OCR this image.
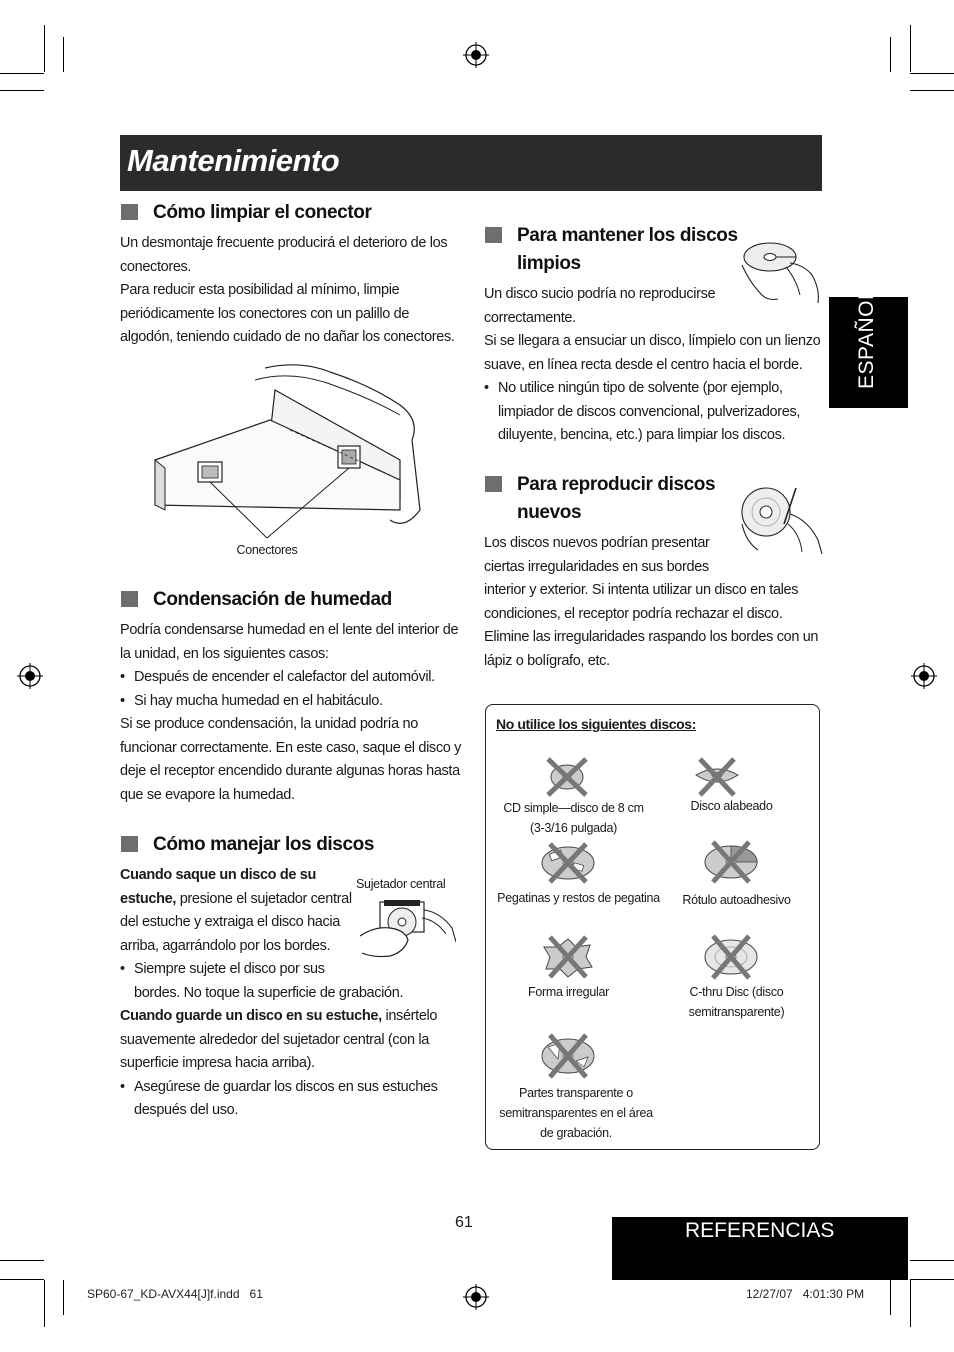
Mantenimiento
ESPAÑOL
Cómo limpiar el conector
Un desmontaje frecuente producirá el deterioro de los
conectores.
Para reducir esta posibilidad al mínimo, limpie
periódicamente los conectores con un palillo de
algodón, teniendo cuidado de no dañar los conectores.
Conectores
Condensación de humedad
Podría condensarse humedad en el lente del interior de
la unidad, en los siguientes casos:
• Después de encender el calefactor del automóvil.
• Si hay mucha humedad en el habitáculo.
Si se produce condensación, la unidad podría no
funcionar correctamente. En este caso, saque el disco y
deje el receptor encendido durante algunas horas hasta
que se evapore la humedad.
Cómo manejar los discos
Sujetador central
Cuando saque un disco de su
estuche, presione el sujetador central
del estuche y extraiga el disco hacia
arriba, agarrándolo por los bordes.
• Siempre sujete el disco por sus
bordes. No toque la superficie de grabación.
Cuando guarde un disco en su estuche, insértelo
suavemente alrededor del sujetador central (con la
superficie impresa hacia arriba).
• Asegúrese de guardar los discos en sus estuches
después del uso.
Para mantener los discos
limpios
Un disco sucio podría no reproducirse
correctamente.
Si se llegara a ensuciar un disco, límpielo con un lienzo
suave, en línea recta desde el centro hacia el borde.
• No utilice ningún tipo de solvente (por ejemplo,
limpiador de discos convencional, pulverizadores,
diluyente, bencina, etc.) para limpiar los discos.
Para reproducir discos
nuevos
Los discos nuevos podrían presentar
ciertas irregularidades en sus bordes
interior y exterior. Si intenta utilizar un disco en tales
condiciones, el receptor podría rechazar el disco.
Elimine las irregularidades raspando los bordes con un
lápiz o bolígrafo, etc.
No utilice los siguientes discos:
CD simple—disco de 8 cm
(3-3/16 pulgada)
Disco alabeado
Pegatinas y restos de pegatina	Rótulo autoadhesivo
Forma irregular	C-thru Disc (disco
semitransparente)
Partes transparente o
semitransparentes en el área
de grabación.
61	REFERENCIAS
SP60-67_KD-AVX44[J]f.indd   61	12/27/07   4:01:30 PM
